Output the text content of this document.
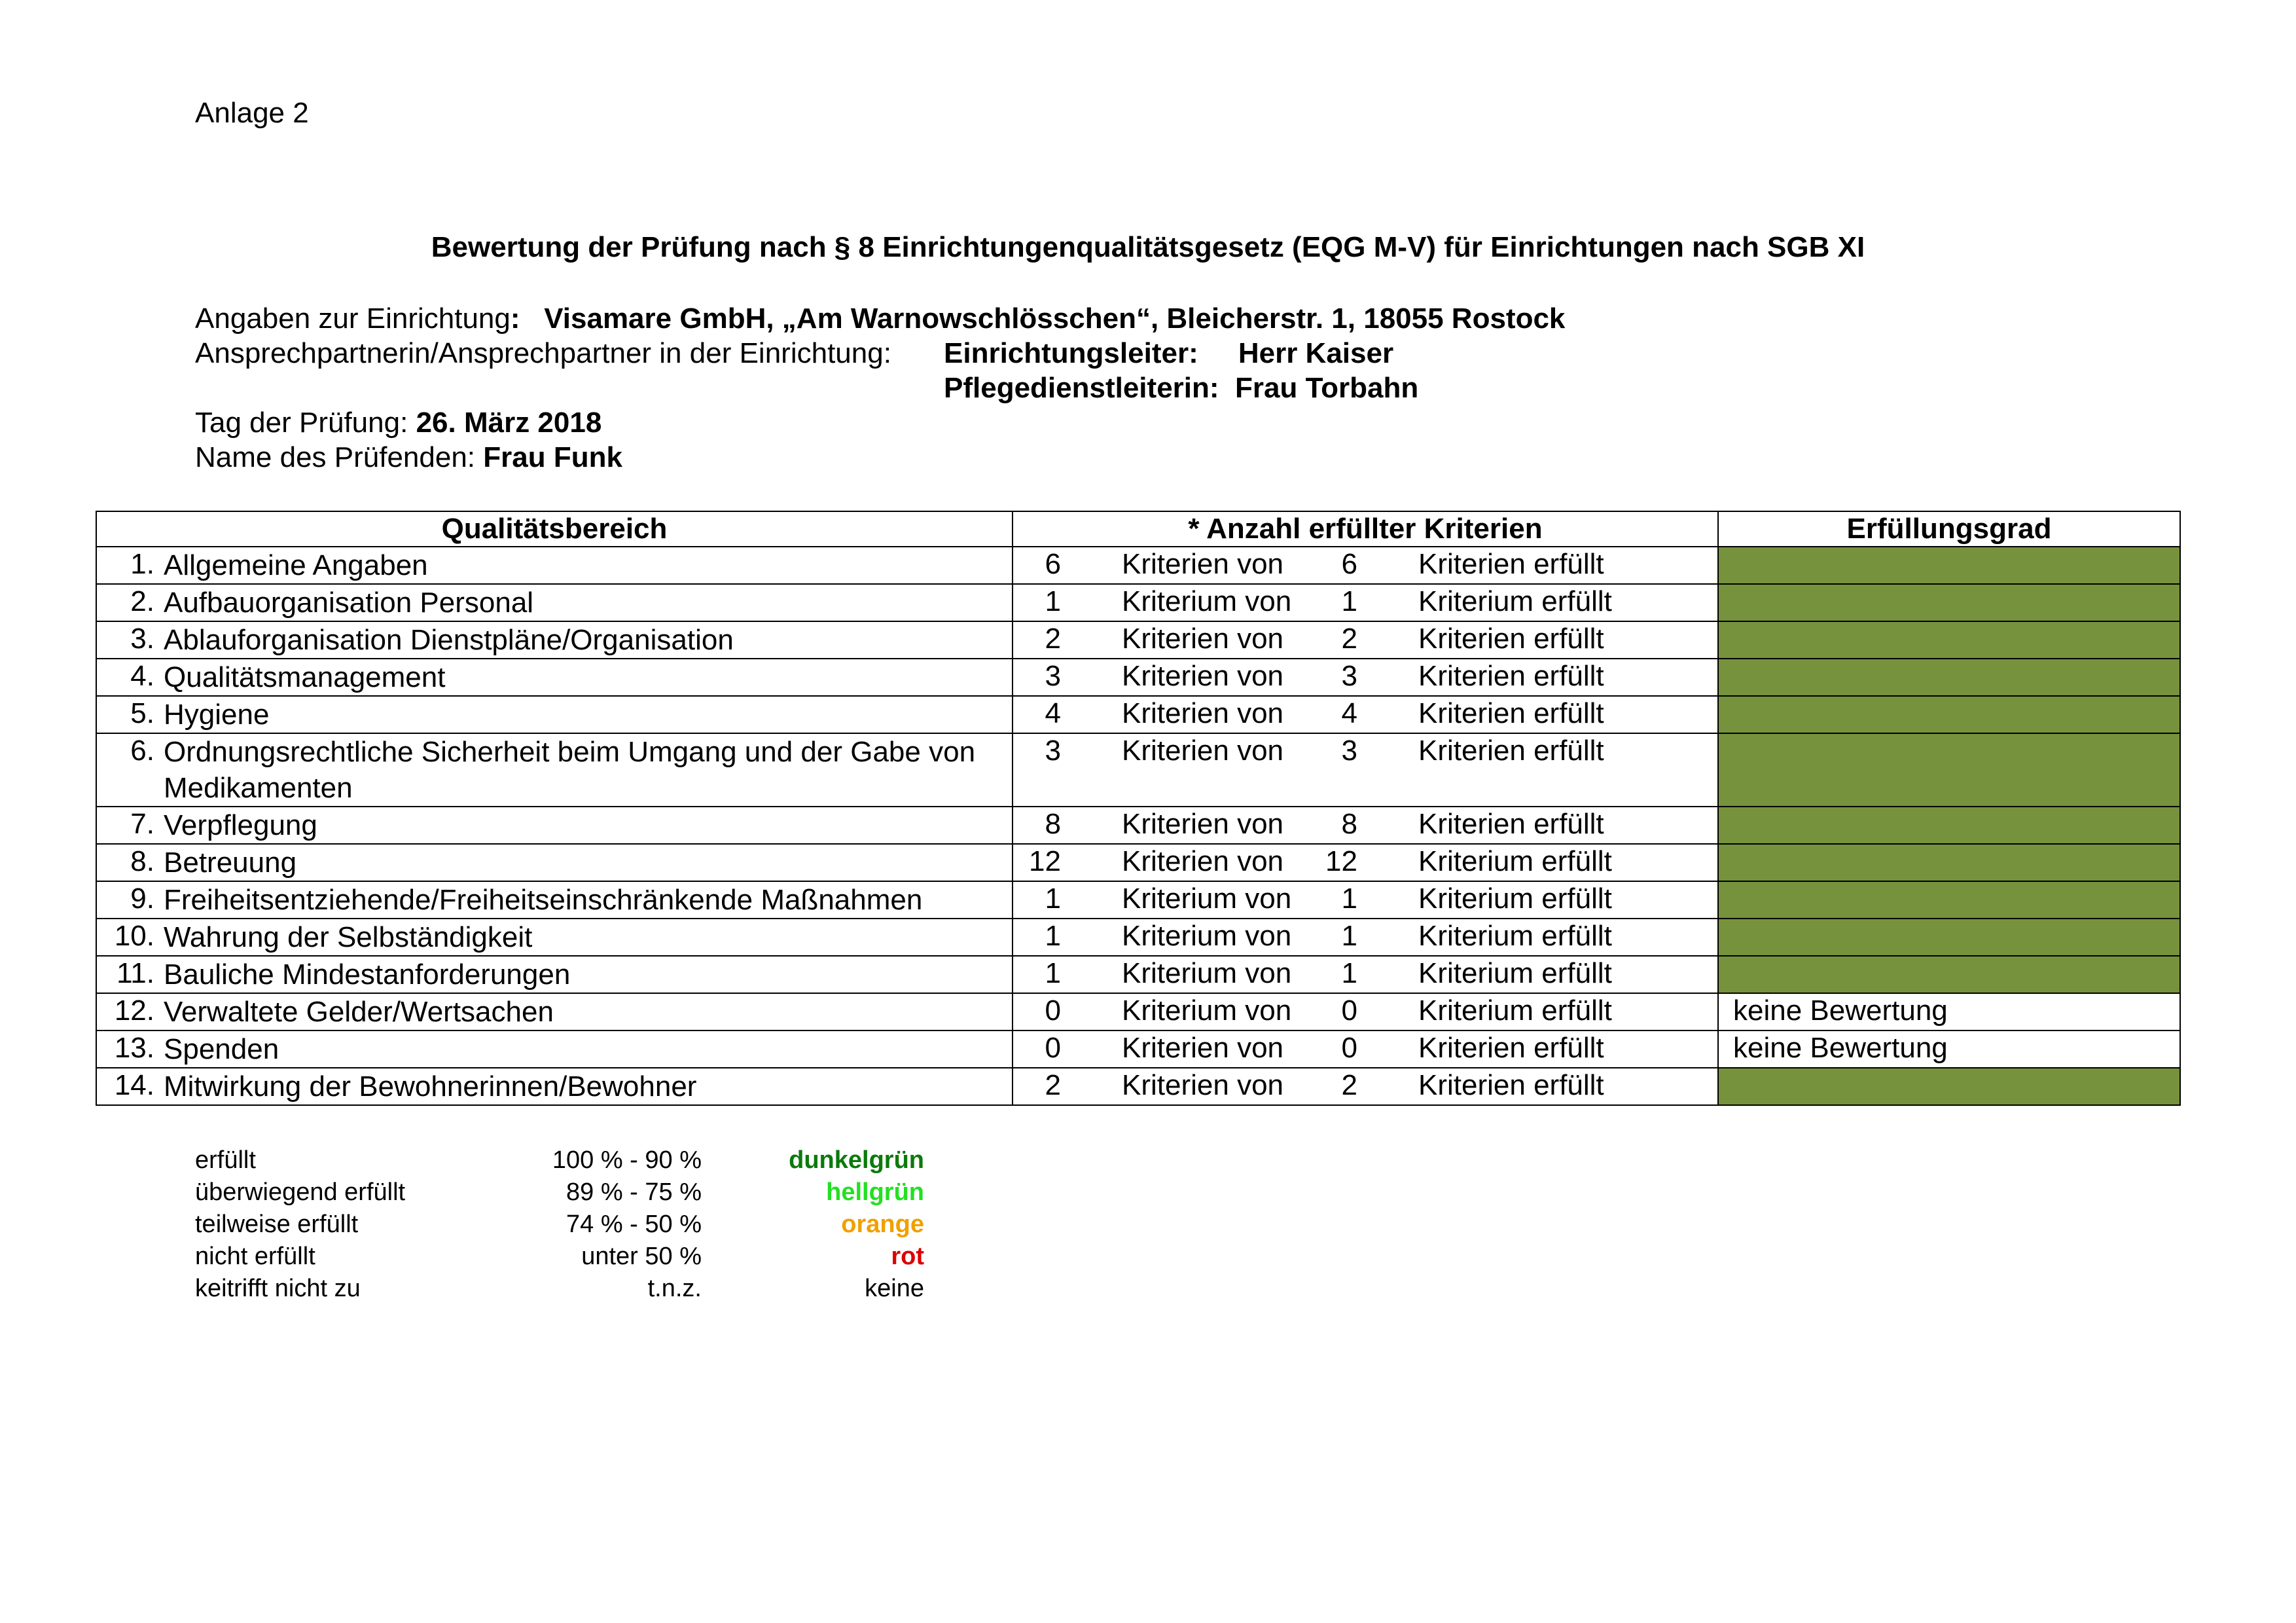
Anlage 2
Bewertung der Prüfung nach § 8 Einrichtungenqualitätsgesetz (EQG M-V) für Einrichtungen nach SGB XI
Angaben zur Einrichtung: Visamare GmbH, „Am Warnowschlösschen“, Bleicherstr. 1, 18055 Rostock
Ansprechpartnerin/Ansprechpartner in der Einrichtung: Einrichtungsleiter: Herr Kaiser
Pflegedienstleiterin: Frau Torbahn
Tag der Prüfung: 26. März 2018
Name des Prüfenden: Frau Funk
Qualitätsbereich	* Anzahl erfüllter Kriterien	Erfüllungsgrad

1. Allgemeine Angaben	6 Kriterien von 6 Kriterien erfüllt	

2. Aufbauorganisation Personal	1 Kriterium von 1 Kriterium erfüllt	

3. Ablauforganisation Dienstpläne/Organisation	2 Kriterien von 2 Kriterien erfüllt	

4. Qualitätsmanagement	3 Kriterien von 3 Kriterien erfüllt	

5. Hygiene	4 Kriterien von 4 Kriterien erfüllt	

6. Ordnungsrechtliche Sicherheit beim Umgang und der Gabe von Medikamenten	3 Kriterien von 3 Kriterien erfüllt	

7. Verpflegung	8 Kriterien von 8 Kriterien erfüllt	

8. Betreuung	12 Kriterien von 12 Kriterium erfüllt	

9. Freiheitsentziehende/Freiheitseinschränkende Maßnahmen	1 Kriterium von 1 Kriterium erfüllt	

10. Wahrung der Selbständigkeit	1 Kriterium von 1 Kriterium erfüllt	

11. Bauliche Mindestanforderungen	1 Kriterium von 1 Kriterium erfüllt	

12. Verwaltete Gelder/Wertsachen	0 Kriterium von 0 Kriterium erfüllt	keine Bewertung

13. Spenden	0 Kriterien von 0 Kriterien erfüllt	keine Bewertung

14. Mitwirkung der Bewohnerinnen/Bewohner	2 Kriterien von 2 Kriterien erfüllt	

erfüllt	100 % - 90 %	dunkelgrün
überwiegend erfüllt	89 % - 75 %	hellgrün
teilweise erfüllt	74 % - 50 %	orange
nicht erfüllt	unter 50 %	rot
keitrifft nicht zu	t.n.z.	keine
